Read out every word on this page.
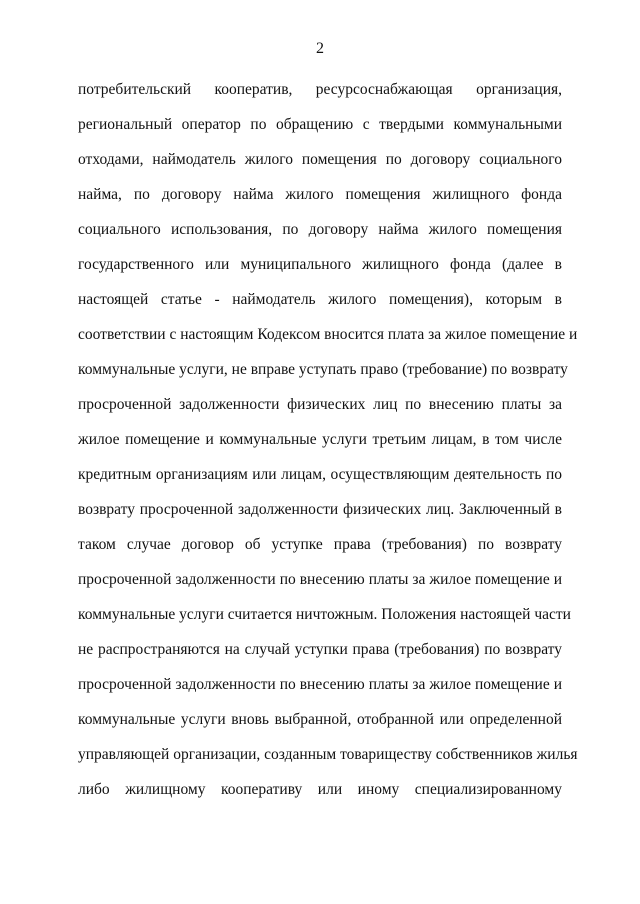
2
потребительский кооператив, ресурсоснабжающая организация,
региональный оператор по обращению с твердыми коммунальными
отходами, наймодатель жилого помещения по договору социального
найма, по договору найма жилого помещения жилищного фонда
социального использования, по договору найма жилого помещения
государственного или муниципального жилищного фонда (далее в
настоящей статье - наймодатель жилого помещения), которым в
соответствии с настоящим Кодексом вносится плата за жилое помещение и
коммунальные услуги, не вправе уступать право (требование) по возврату
просроченной задолженности физических лиц по внесению платы за
жилое помещение и коммунальные услуги третьим лицам, в том числе
кредитным организациям или лицам, осуществляющим деятельность по
возврату просроченной задолженности физических лиц. Заключенный в
таком случае договор об уступке права (требования) по возврату
просроченной задолженности по внесению платы за жилое помещение и
коммунальные услуги считается ничтожным. Положения настоящей части
не распространяются на случай уступки права (требования) по возврату
просроченной задолженности по внесению платы за жилое помещение и
коммунальные услуги вновь выбранной, отобранной или определенной
управляющей организации, созданным товариществу собственников жилья
либо жилищному кооперативу или иному специализированному
